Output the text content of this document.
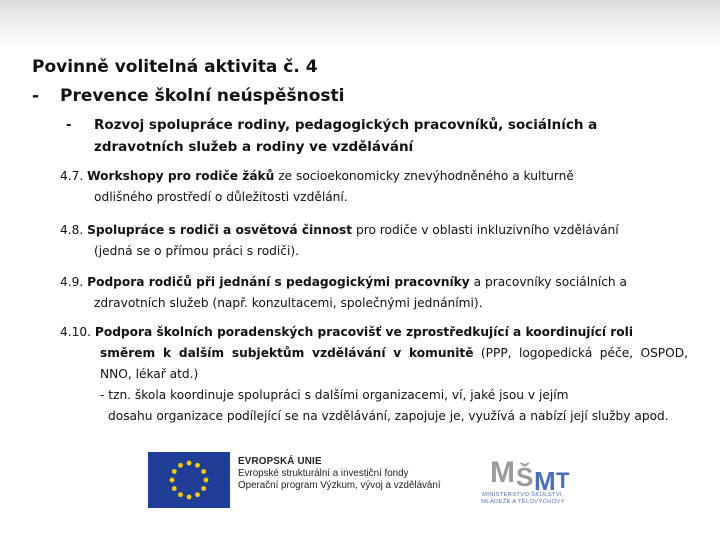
Povinně volitelná aktivita č. 4
- Prevence školní neúspěšnosti
- Rozvoj spolupráce rodiny, pedagogických pracovníků, sociálních a zdravotních služeb a rodiny ve vzdělávání
4.7. Workshopy pro rodiče žáků ze socioekonomicky znevýhodněného a kulturně
odlišného prostředí o důležitosti vzdělání.
4.8. Spolupráce s rodiči a osvětová činnost pro rodiče v oblasti inkluzivního vzdělávání
(jedná se o přímou práci s rodiči).
4.9. Podpora rodičů při jednání s pedagogickými pracovníky a pracovníky sociálních a
zdravotních služeb (např. konzultacemi, společnými jednáními).
4.10. Podpora školních poradenských pracovišť ve zprostředkující a koordinující roli
směrem k dalším subjektům vzdělávání v komunitě (PPP, logopedická péče, OSPOD, NNO, lékař atd.)
- tzn. škola koordinuje spolupráci s dalšími organizacemi, ví, jaké jsou v jejím
dosahu organizace podílející se na vzdělávání, zapojuje je, využívá a nabízí její služby apod.
EVROPSKÁ UNIE
Evropské strukturální a investiční fondy
Operační program Výzkum, vývoj a vzdělávání M Š M T
MINISTERSTVO ŠKOLSTVÍ,
MLÁDEŽE A TĚLOVÝCHOVY
